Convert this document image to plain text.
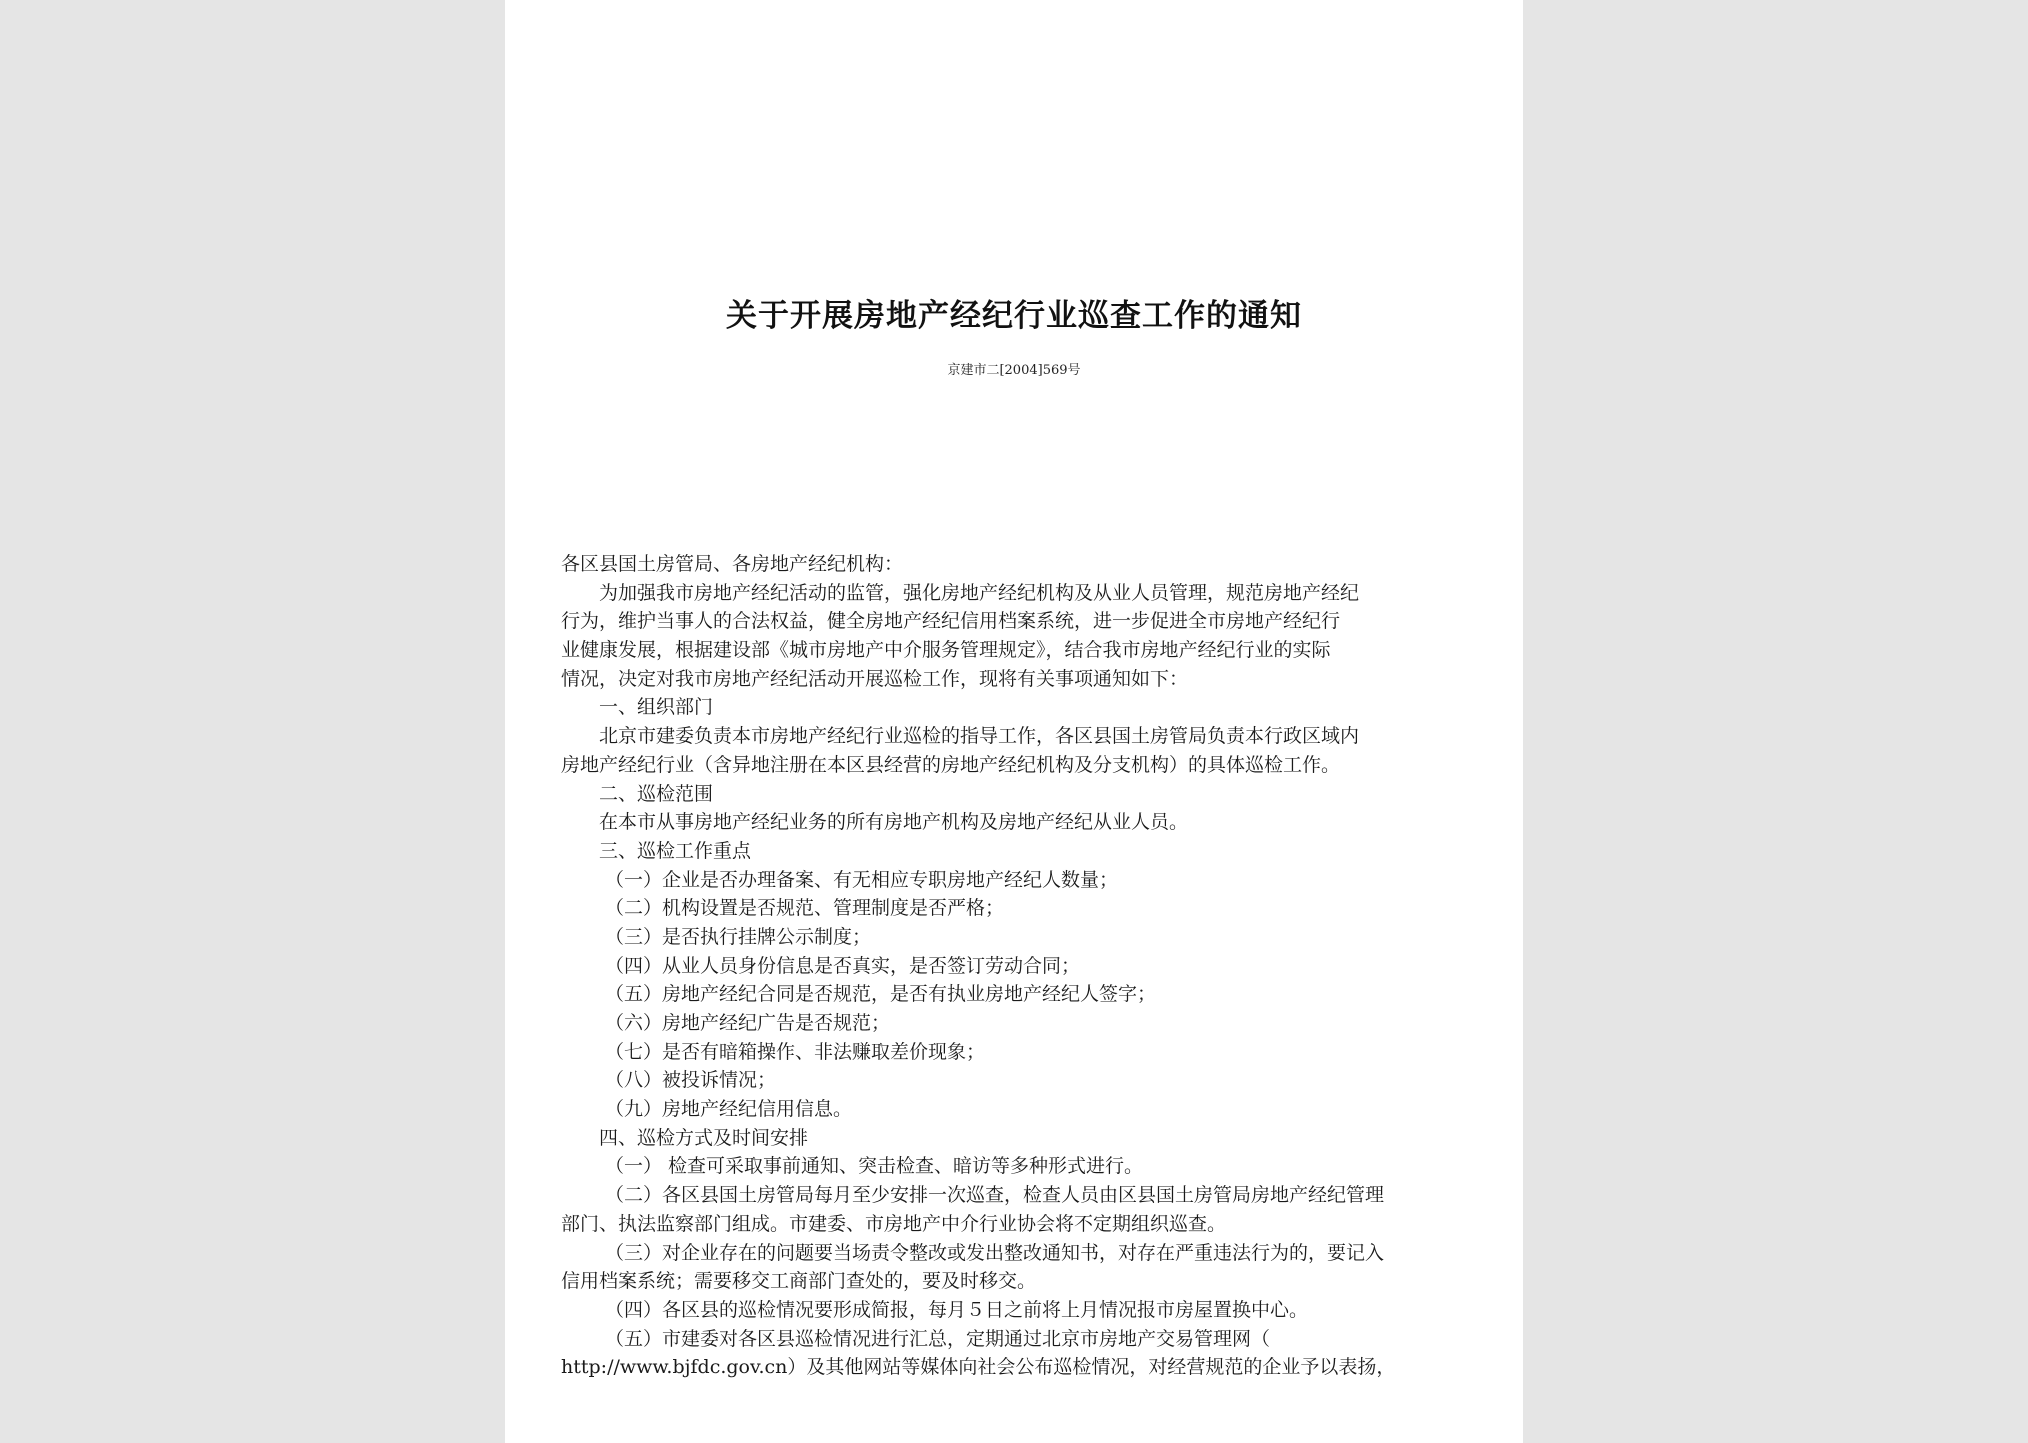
关于开展房地产经纪行业巡查工作的通知
京建市二[2004]569号
各区县国土房管局、各房地产经纪机构：
为加强我市房地产经纪活动的监管，强化房地产经纪机构及从业人员管理，规范房地产经纪
行为，维护当事人的合法权益，健全房地产经纪信用档案系统，进一步促进全市房地产经纪行
业健康发展，根据建设部《城市房地产中介服务管理规定》，结合我市房地产经纪行业的实际
情况，决定对我市房地产经纪活动开展巡检工作，现将有关事项通知如下：
一、组织部门
北京市建委负责本市房地产经纪行业巡检的指导工作，各区县国土房管局负责本行政区域内
房地产经纪行业（含异地注册在本区县经营的房地产经纪机构及分支机构）的具体巡检工作。
二、巡检范围
在本市从事房地产经纪业务的所有房地产机构及房地产经纪从业人员。
三、巡检工作重点
（一）企业是否办理备案、有无相应专职房地产经纪人数量；
（二）机构设置是否规范、管理制度是否严格；
（三）是否执行挂牌公示制度；
（四）从业人员身份信息是否真实，是否签订劳动合同；
（五）房地产经纪合同是否规范，是否有执业房地产经纪人签字；
（六）房地产经纪广告是否规范；
（七）是否有暗箱操作、非法赚取差价现象；
（八）被投诉情况；
（九）房地产经纪信用信息。
四、巡检方式及时间安排
（一） 检查可采取事前通知、突击检查、暗访等多种形式进行。
（二）各区县国土房管局每月至少安排一次巡查，检查人员由区县国土房管局房地产经纪管理
部门、执法监察部门组成。市建委、市房地产中介行业协会将不定期组织巡查。
（三）对企业存在的问题要当场责令整改或发出整改通知书，对存在严重违法行为的，要记入
信用档案系统；需要移交工商部门查处的，要及时移交。
（四）各区县的巡检情况要形成简报，每月５日之前将上月情况报市房屋置换中心。
（五）市建委对各区县巡检情况进行汇总，定期通过北京市房地产交易管理网（
http://www.bjfdc.gov.cn）及其他网站等媒体向社会公布巡检情况，对经营规范的企业予以表扬，
